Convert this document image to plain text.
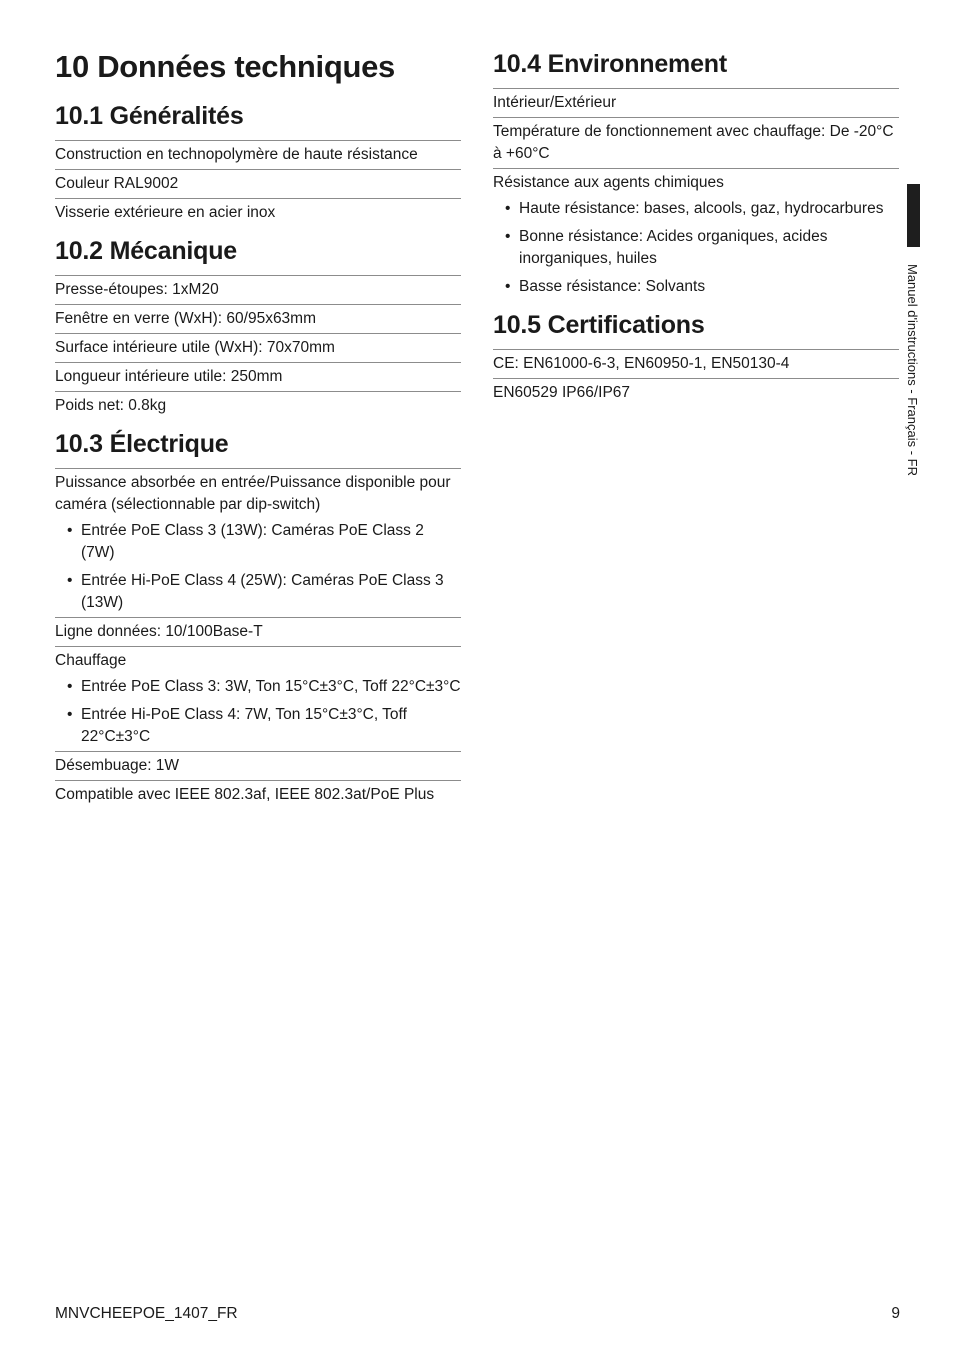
10 Données techniques
10.1 Généralités
Construction en technopolymère de haute résistance
Couleur RAL9002
Visserie extérieure en acier inox
10.2 Mécanique
Presse-étoupes: 1xM20
Fenêtre en verre (WxH): 60/95x63mm
Surface intérieure utile (WxH): 70x70mm
Longueur intérieure utile: 250mm
Poids net: 0.8kg
10.3 Électrique
Puissance absorbée en entrée/Puissance disponible pour caméra (sélectionnable par dip-switch)
• Entrée PoE Class 3 (13W): Caméras PoE Class 2 (7W)
• Entrée Hi-PoE Class 4 (25W): Caméras PoE Class 3 (13W)
Ligne données: 10/100Base-T
Chauffage
• Entrée PoE Class 3: 3W, Ton 15°C±3°C, Toff 22°C±3°C
• Entrée Hi-PoE Class 4: 7W, Ton 15°C±3°C, Toff 22°C±3°C
Désembuage: 1W
Compatible avec IEEE 802.3af, IEEE 802.3at/PoE Plus
10.4 Environnement
Intérieur/Extérieur
Température de fonctionnement avec chauffage: De -20°C à +60°C
Résistance aux agents chimiques
• Haute résistance: bases, alcools, gaz, hydrocarbures
• Bonne résistance: Acides organiques, acides inorganiques, huiles
• Basse résistance: Solvants
10.5 Certifications
CE: EN61000-6-3, EN60950-1, EN50130-4
EN60529 IP66/IP67	Manuel d'instructions - Français - FR
MNVCHEEPOE_1407_FR	9
